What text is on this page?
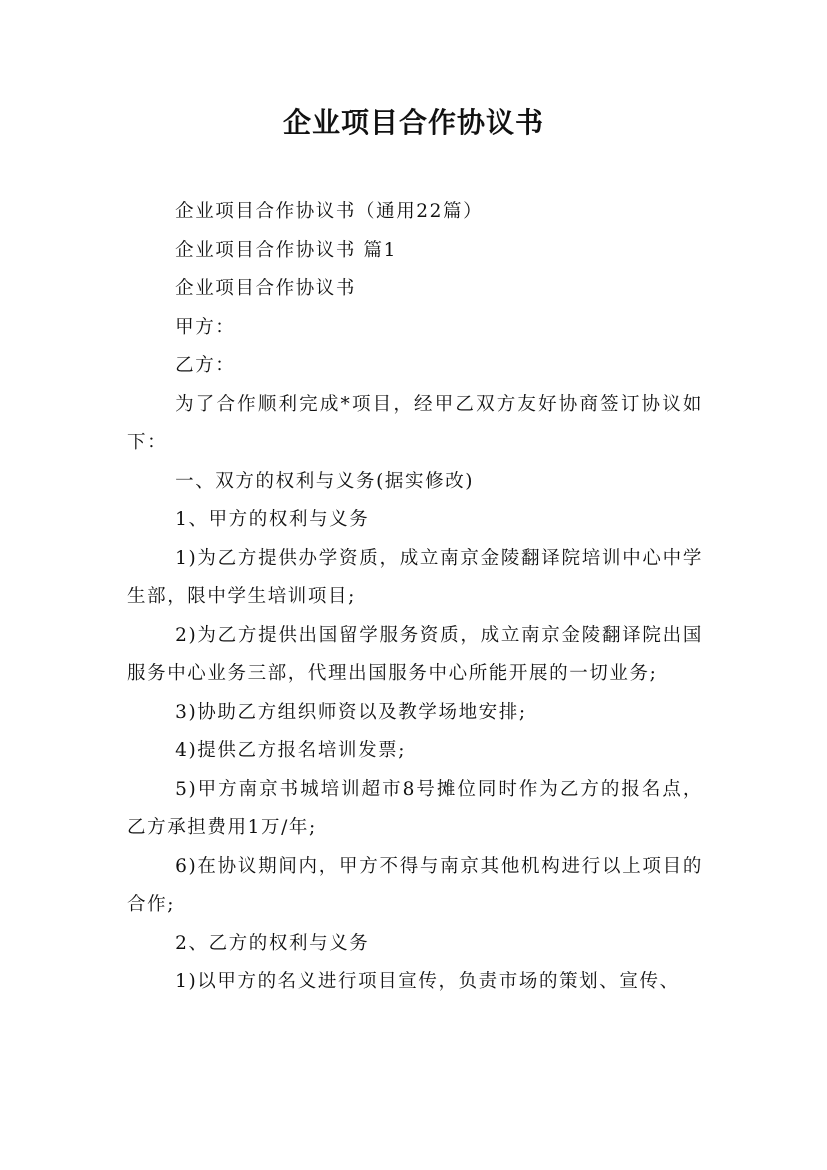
企业项目合作协议书

企业项目合作协议书（通用22篇）

企业项目合作协议书 篇1

企业项目合作协议书

甲方：

乙方：

为了合作顺利完成*项目，经甲乙双方友好协商签订协议如下：

一、双方的权利与义务(据实修改)

1、甲方的权利与义务

1)为乙方提供办学资质，成立南京金陵翻译院培训中心中学生部，限中学生培训项目;

2)为乙方提供出国留学服务资质，成立南京金陵翻译院出国服务中心业务三部，代理出国服务中心所能开展的一切业务;

3)协助乙方组织师资以及教学场地安排;

4)提供乙方报名培训发票;

5)甲方南京书城培训超市8号摊位同时作为乙方的报名点，乙方承担费用1万/年;

6)在协议期间内，甲方不得与南京其他机构进行以上项目的合作;

2、乙方的权利与义务

1)以甲方的名义进行项目宣传，负责市场的策划、宣传、
